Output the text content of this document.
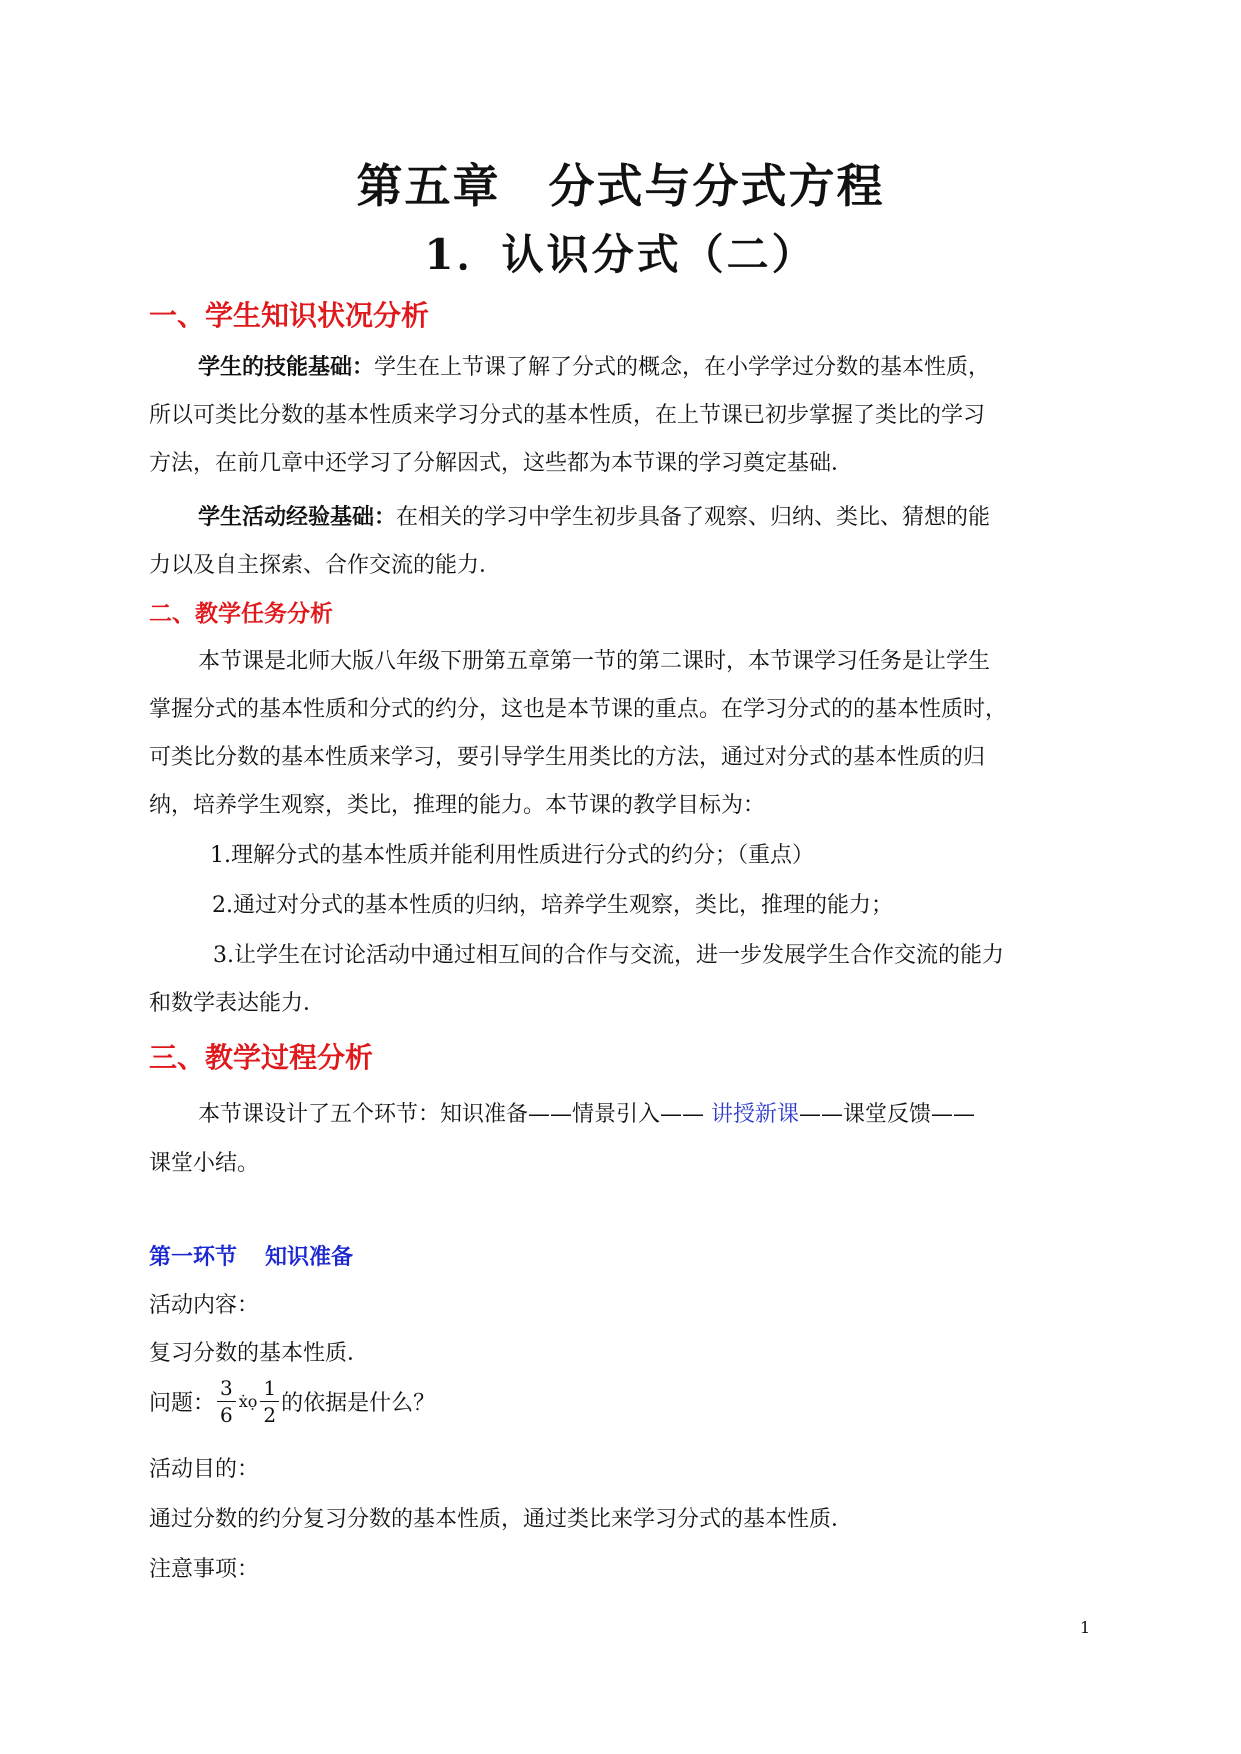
第五章 分式与分式方程
1．认识分式（二）
一、学生知识状况分析
学生的技能基础：学生在上节课了解了分式的概念，在小学学过分数的基本性质，
所以可类比分数的基本性质来学习分式的基本性质，在上节课已初步掌握了类比的学习
方法，在前几章中还学习了分解因式，这些都为本节课的学习奠定基础．
学生活动经验基础：在相关的学习中学生初步具备了观察、归纳、类比、猜想的能
力以及自主探索、合作交流的能力．
二、教学任务分析
本节课是北师大版八年级下册第五章第一节的第二课时，本节课学习任务是让学生
掌握分式的基本性质和分式的约分，这也是本节课的重点。在学习分式的的基本性质时，
可类比分数的基本性质来学习，要引导学生用类比的方法，通过对分式的基本性质的归
纳，培养学生观察，类比，推理的能力。本节课的教学目标为：
1.理解分式的基本性质并能利用性质进行分式的约分；（重点）
2.通过对分式的基本性质的归纳，培养学生观察，类比，推理的能力；
3.让学生在讨论活动中通过相互间的合作与交流，进一步发展学生合作交流的能力
和数学表达能力．
三、教学过程分析
本节课设计了五个环节：知识准备——情景引入—— 讲授新课——课堂反馈——
课堂小结。
第一环节 知识准备
活动内容：
复习分数的基本性质．
问题： $\frac{3}{6}$ ẋọ $\frac{1}{2}$ 的依据是什么？
活动目的：
通过分数的约分复习分数的基本性质，通过类比来学习分式的基本性质．
注意事项：
1
